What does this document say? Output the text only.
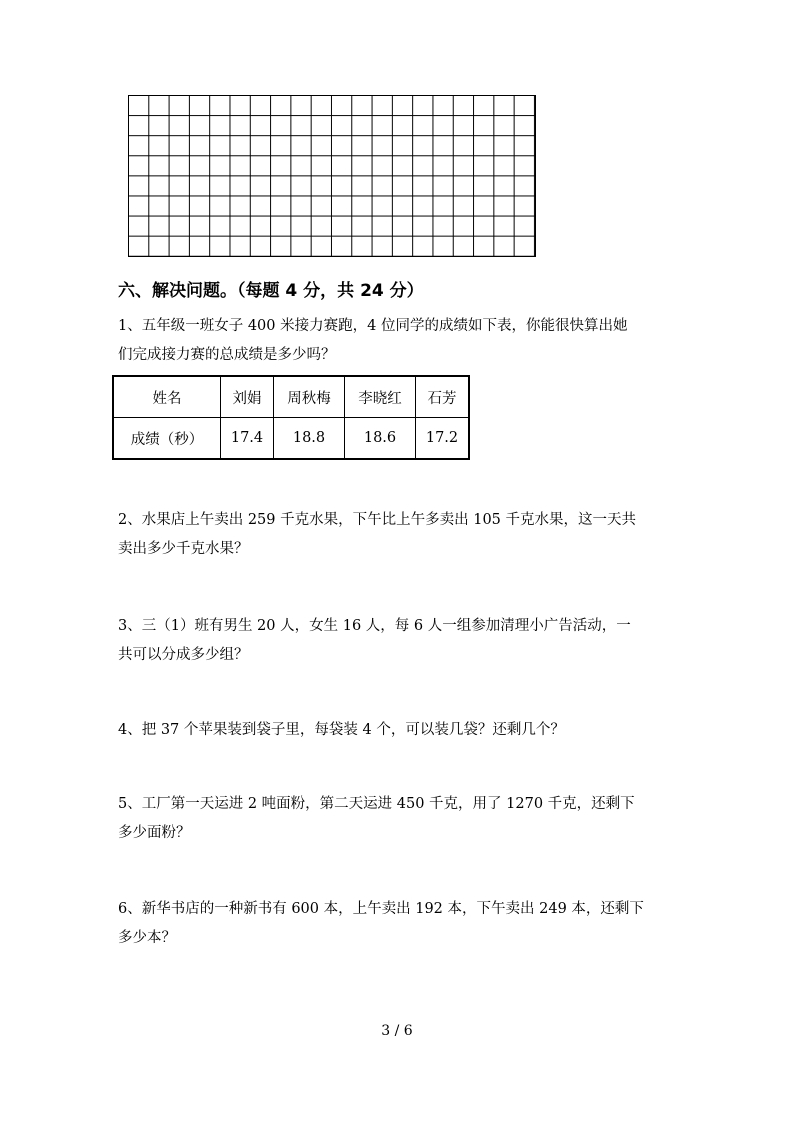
六、解决问题。（每题 4 分，共 24 分）
1、五年级一班女子 400 米接力赛跑，4 位同学的成绩如下表，你能很快算出她
们完成接力赛的总成绩是多少吗？
姓名	刘娟	周秋梅	李晓红	石芳
成绩（秒）	17.4	18.8	18.6	17.2
2、水果店上午卖出 259 千克水果，下午比上午多卖出 105 千克水果，这一天共
卖出多少千克水果？
3、三（1）班有男生 20 人，女生 16 人，每 6 人一组参加清理小广告活动，一
共可以分成多少组？
4、把 37 个苹果装到袋子里，每袋装 4 个，可以装几袋？还剩几个？
5、工厂第一天运进 2 吨面粉，第二天运进 450 千克，用了 1270 千克，还剩下
多少面粉？
6、新华书店的一种新书有 600 本，上午卖出 192 本，下午卖出 249 本，还剩下
多少本？
3 / 6
